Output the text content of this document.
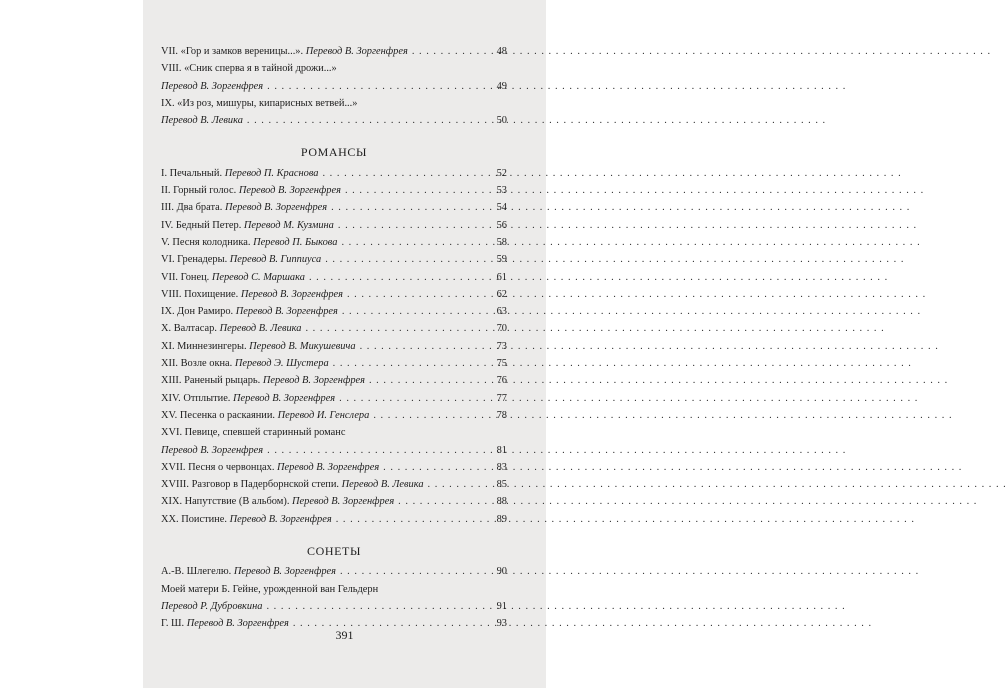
VII. «Гор и замков вереницы...». Перевод В. Зоргенфрея . . .	48
VIII. «Сник сперва я в тайной дрожи...»
Перевод В. Зоргенфрея . . .	49
IX. «Из роз, мишуры, кипарисных ветвей...»
Перевод В. Левика . . .	50
РОМАНСЫ
I. Печальный. Перевод П. Краснова . . .	52
II. Горный голос. Перевод В. Зоргенфрея . . .	53
III. Два брата. Перевод В. Зоргенфрея . . .	54
IV. Бедный Петер. Перевод М. Кузмина . . .	56
V. Песня колодника. Перевод П. Быкова . . .	58
VI. Гренадеры. Перевод В. Гиппиуса . . .	59
VII. Гонец. Перевод С. Маршака . . .	61
VIII. Похищение. Перевод В. Зоргенфрея . . .	62
IX. Дон Рамиро. Перевод В. Зоргенфрея . . .	63
X. Валтасар. Перевод В. Левика . . .	70
XI. Миннезингеры. Перевод В. Микушевича . . .	73
XII. Возле окна. Перевод Э. Шустера . . .	75
XIII. Раненый рыцарь. Перевод В. Зоргенфрея . . .	76
XIV. Отплытие. Перевод В. Зоргенфрея . . .	77
XV. Песенка о раскаянии. Перевод И. Генслера . . .	78
XVI. Певице, спевшей старинный романс
Перевод В. Зоргенфрея . . .	81
XVII. Песня о червонцах. Перевод В. Зоргенфрея . . .	83
XVIII. Разговор в Падерборнской степи. Перевод В. Левика . . .	85
XIX. Напутствие (В альбом). Перевод В. Зоргенфрея . . .	88
XX. Поистине. Перевод В. Зоргенфрея . . .	89
СОНЕТЫ
А.-В. Шлегелю. Перевод В. Зоргенфрея . . .	90
Моей матери Б. Гейне, урожденной ван Гельдерн
Перевод Р. Дубровкина . . .	91
Г. Ш. Перевод В. Зоргенфрея . . .	93
391
